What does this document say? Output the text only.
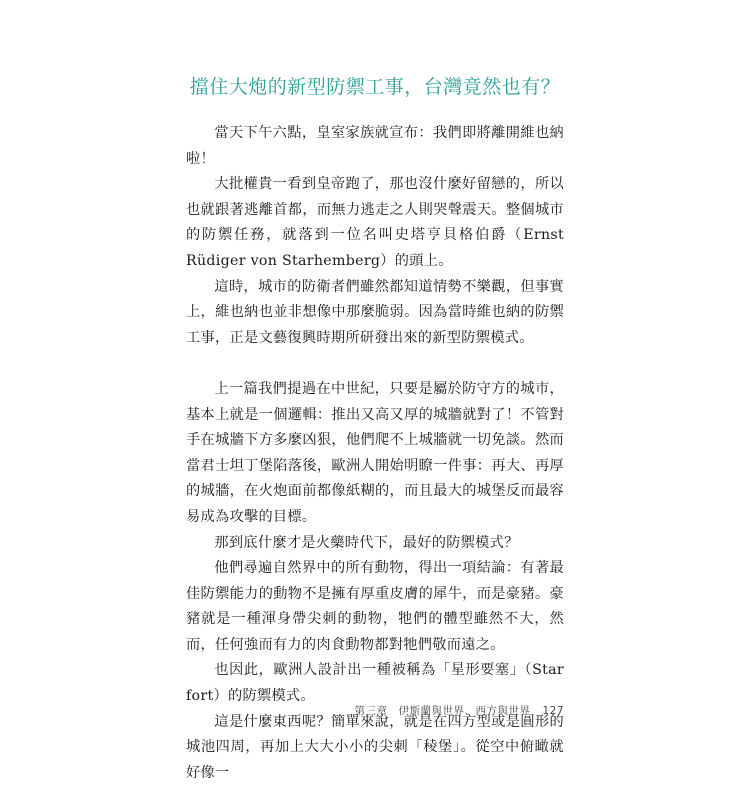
擋住大炮的新型防禦工事，台灣竟然也有？

當天下午六點，皇室家族就宣布：我們即將離開維也納啦！

大批權貴一看到皇帝跑了，那也沒什麼好留戀的，所以也就跟著逃離首都，而無力逃走之人則哭聲震天。整個城市的防禦任務，就落到一位名叫史塔亨貝格伯爵（Ernst Rüdiger von Starhemberg）的頭上。

這時，城市的防衛者們雖然都知道情勢不樂觀，但事實上，維也納也並非想像中那麼脆弱。因為當時維也納的防禦工事，正是文藝復興時期所研發出來的新型防禦模式。

上一篇我們提過在中世紀，只要是屬於防守方的城市，基本上就是一個邏輯：推出又高又厚的城牆就對了！不管對手在城牆下方多麼凶狠，他們爬不上城牆就一切免談。然而當君士坦丁堡陷落後，歐洲人開始明瞭一件事：再大、再厚的城牆，在火炮面前都像紙糊的，而且最大的城堡反而最容易成為攻擊的目標。

那到底什麼才是火藥時代下，最好的防禦模式？

他們尋遍自然界中的所有動物，得出一項結論：有著最佳防禦能力的動物不是擁有厚重皮膚的犀牛，而是豪豬。豪豬就是一種渾身帶尖刺的動物，牠們的體型雖然不大，然而，任何強而有力的肉食動物都對牠們敬而遠之。

也因此，歐洲人設計出一種被稱為「星形要塞」（Star fort）的防禦模式。

這是什麼東西呢？簡單來說，就是在四方型或是圓形的城池四周，再加上大大小小的尖刺「稜堡」。從空中俯瞰就好像一

第三章　伊斯蘭與世界、西方與世界 127
